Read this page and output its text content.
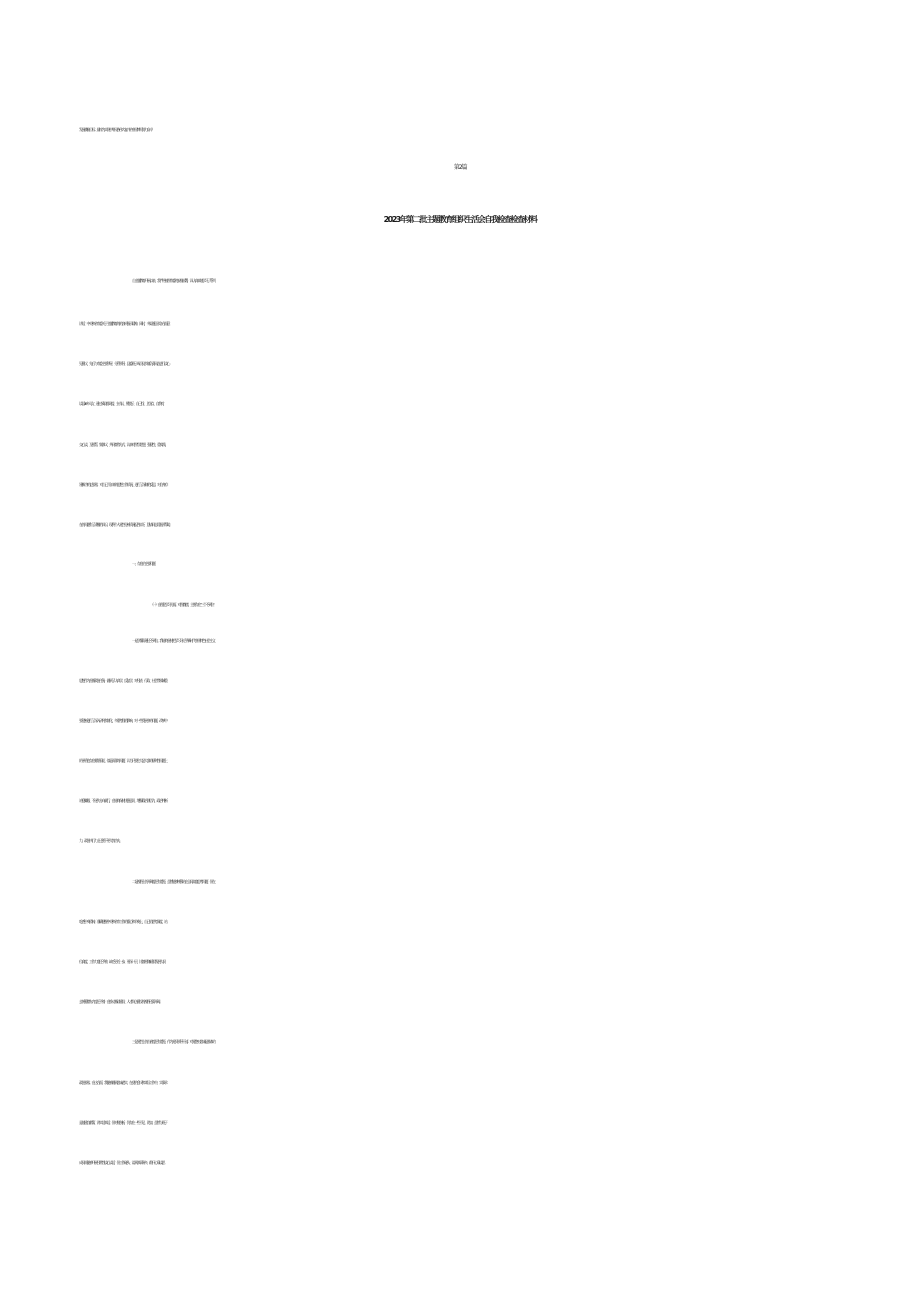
发展战略目标；最终为实现中华民族伟大复兴的中国梦而努力奋斗！
第 2 篇
2023年第二批主题教育组织生活会自我检查检查材料
自主题教育开展以来，我严格按照市委的安排部署，认认真真地学习了系列
讲话、中央和省市委关于主题教育的的各项指示精神。同时，多渠道征求各方面意
见建议，先后与市委主要领导、分管领导、县委班子成员及乡镇负责同志进行谈心
谈话 30 多人次，通过采取群众提、主动认，照镜子、自己找，上级点、自我对，
交心谈、互相帮，集体议、共同查等方式，认真对照“学思想、强党性、重实践、
建新功”的总要求，对自己几年来的思想工作情况，进行了深刻的反思，对自身存
在的问题有了清醒的认识。现将个人党性分析情况报告如下，恳请同志们批评帮助。
一、存在的主要问题
（一）在理论学习方面。对照查摆，主要存在“三个不到位”
一是学懂弄通还不到位。我始终坚持把学习习近平新时代中国特色社会主义
思想作为首要政治任务，做到了认真学、反复学，对经济、行政、社会等领域重
要论断进行了深入研究和消化，多重考验的影响，对一些发展中的问题、改革中
的矛盾也存在雾里看花、似是而非的问题，认为只要在大是大非的原则性问题上
站稳脚跟、不迷失方向就行，在始终保持忧患意识，增强政治领悟力、政治判断
力、政治执行力上还要下更大的功夫。
二是视野上的开阔度还有差距。虽然能够统筹站在全局高度思考问题，但在
吃透中央精神、准确把握中央和省市工作的重心和节奏上，自己的思考深度、站
位高度、工作力度还不够，缺乏更近一步、更深一层，比如围绕 X 建设发展大局
去统筹摆布力度还不够，在推动基础建设、人才队伍建设的视野还需开阔。
三是党性上的自省度还有差距。作为党员领导干部，对党绝对忠诚是基本的
政治要求。在这方面，我能够做到忠诚老实，在党的会议和实际工作中，实事求
是地建言献策，讲实话真话。但对照剖析，仍存在一些不足。比如，虽然与班子
成员间能够开展经常性谈心谈话，但工作碰头、谈具体事务多，敞开心扉谈思
